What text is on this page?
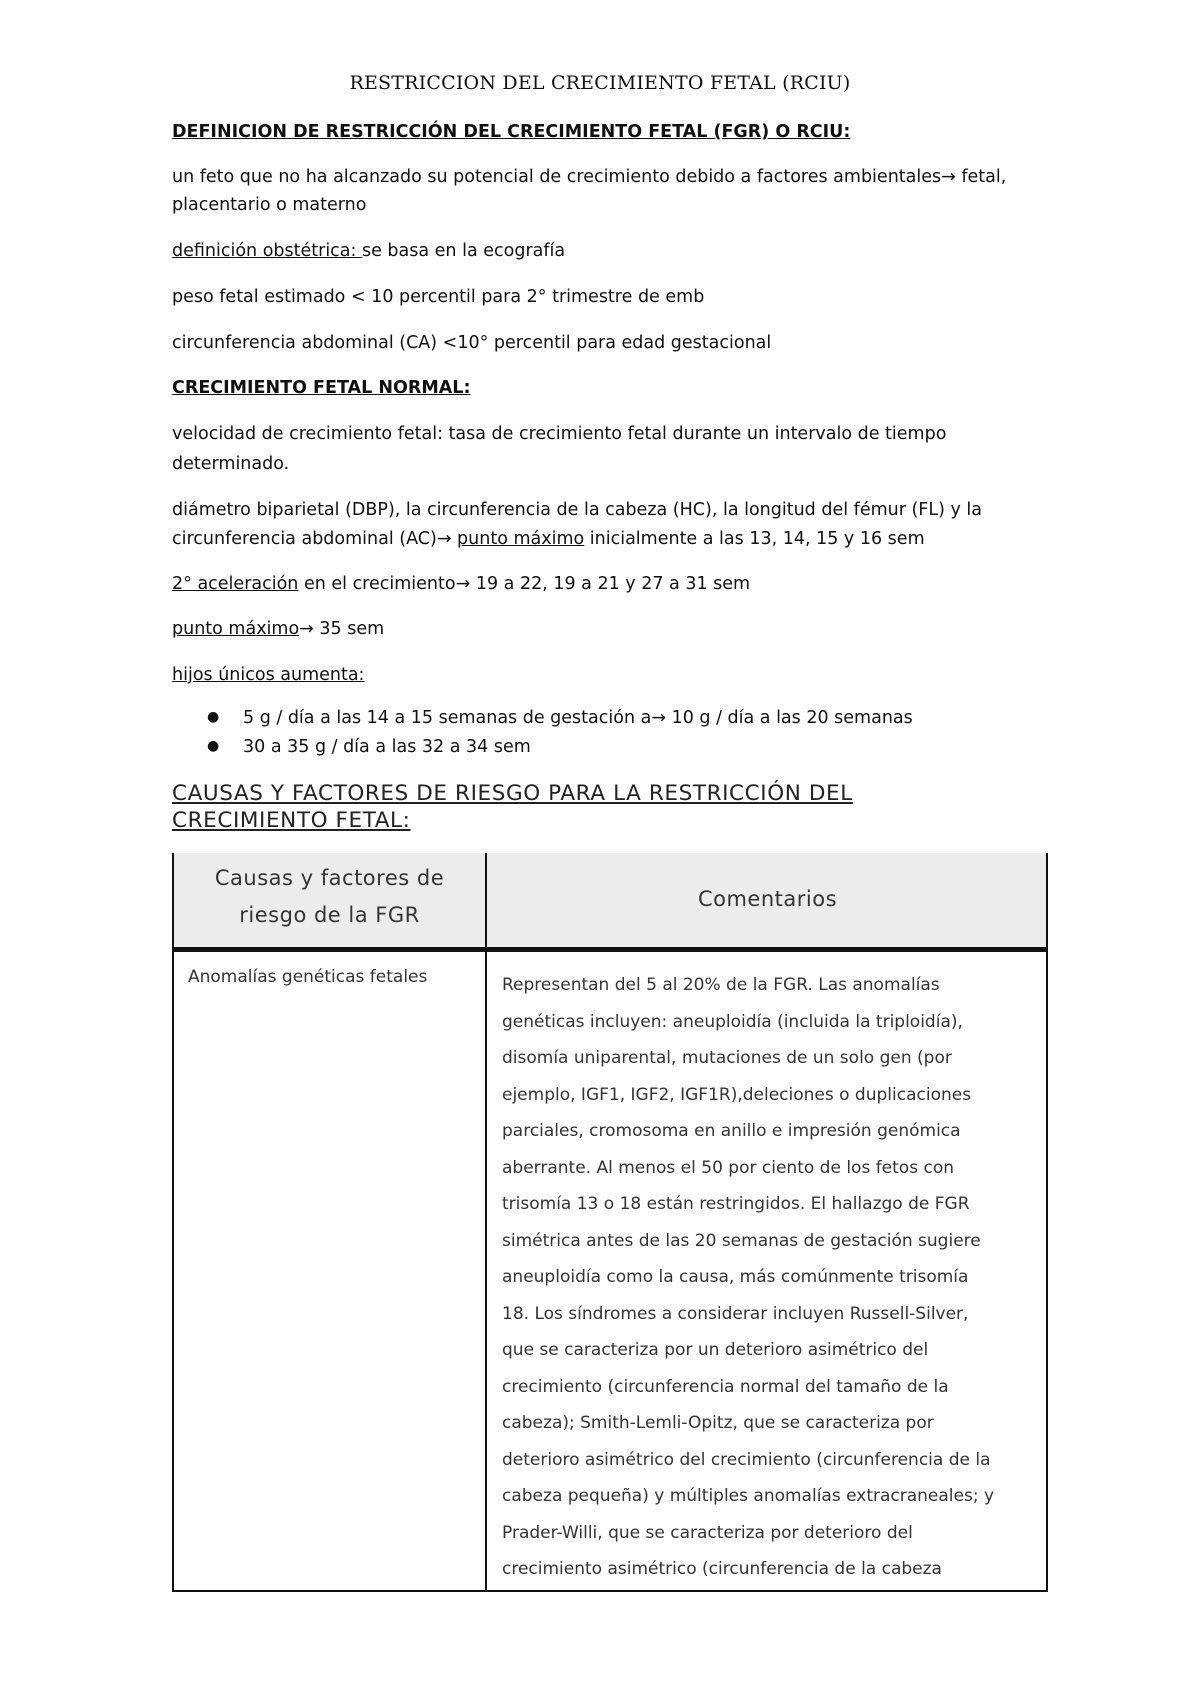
RESTRICCION DEL CRECIMIENTO FETAL (RCIU)
DEFINICION DE RESTRICCIÓN DEL CRECIMIENTO FETAL (FGR) O RCIU:
un feto que no ha alcanzado su potencial de crecimiento debido a factores ambientales→ fetal,
placentario o materno
definición obstétrica: se basa en la ecografía
peso fetal estimado < 10 percentil para 2° trimestre de emb
circunferencia abdominal (CA) <10° percentil para edad gestacional
CRECIMIENTO FETAL NORMAL:
velocidad de crecimiento fetal: tasa de crecimiento fetal durante un intervalo de tiempo
determinado.
diámetro biparietal (DBP), la circunferencia de la cabeza (HC), la longitud del fémur (FL) y la
circunferencia abdominal (AC)→ punto máximo inicialmente a las 13, 14, 15 y 16 sem
2° aceleración en el crecimiento→ 19 a 22, 19 a 21 y 27 a 31 sem
punto máximo→ 35 sem
hijos únicos aumenta:
● 5 g / día a las 14 a 15 semanas de gestación a→ 10 g / día a las 20 semanas
● 30 a 35 g / día a las 32 a 34 sem
CAUSAS Y FACTORES DE RIESGO PARA LA RESTRICCIÓN DEL
CRECIMIENTO FETAL:
Causas y factores de
riesgo de la FGR
Comentarios
Anomalías genéticas fetales	Representan del 5 al 20% de la FGR. Las anomalías
genéticas incluyen: aneuploidía (incluida la triploidía),
disomía uniparental, mutaciones de un solo gen (por
ejemplo, IGF1, IGF2, IGF1R),deleciones o duplicaciones
parciales, cromosoma en anillo e impresión genómica
aberrante. Al menos el 50 por ciento de los fetos con
trisomía 13 o 18 están restringidos. El hallazgo de FGR
simétrica antes de las 20 semanas de gestación sugiere
aneuploidía como la causa, más comúnmente trisomía
18. Los síndromes a considerar incluyen Russell-Silver,
que se caracteriza por un deterioro asimétrico del
crecimiento (circunferencia normal del tamaño de la
cabeza); Smith-Lemli-Opitz, que se caracteriza por
deterioro asimétrico del crecimiento (circunferencia de la
cabeza pequeña) y múltiples anomalías extracraneales; y
Prader-Willi, que se caracteriza por deterioro del
crecimiento asimétrico (circunferencia de la cabeza
